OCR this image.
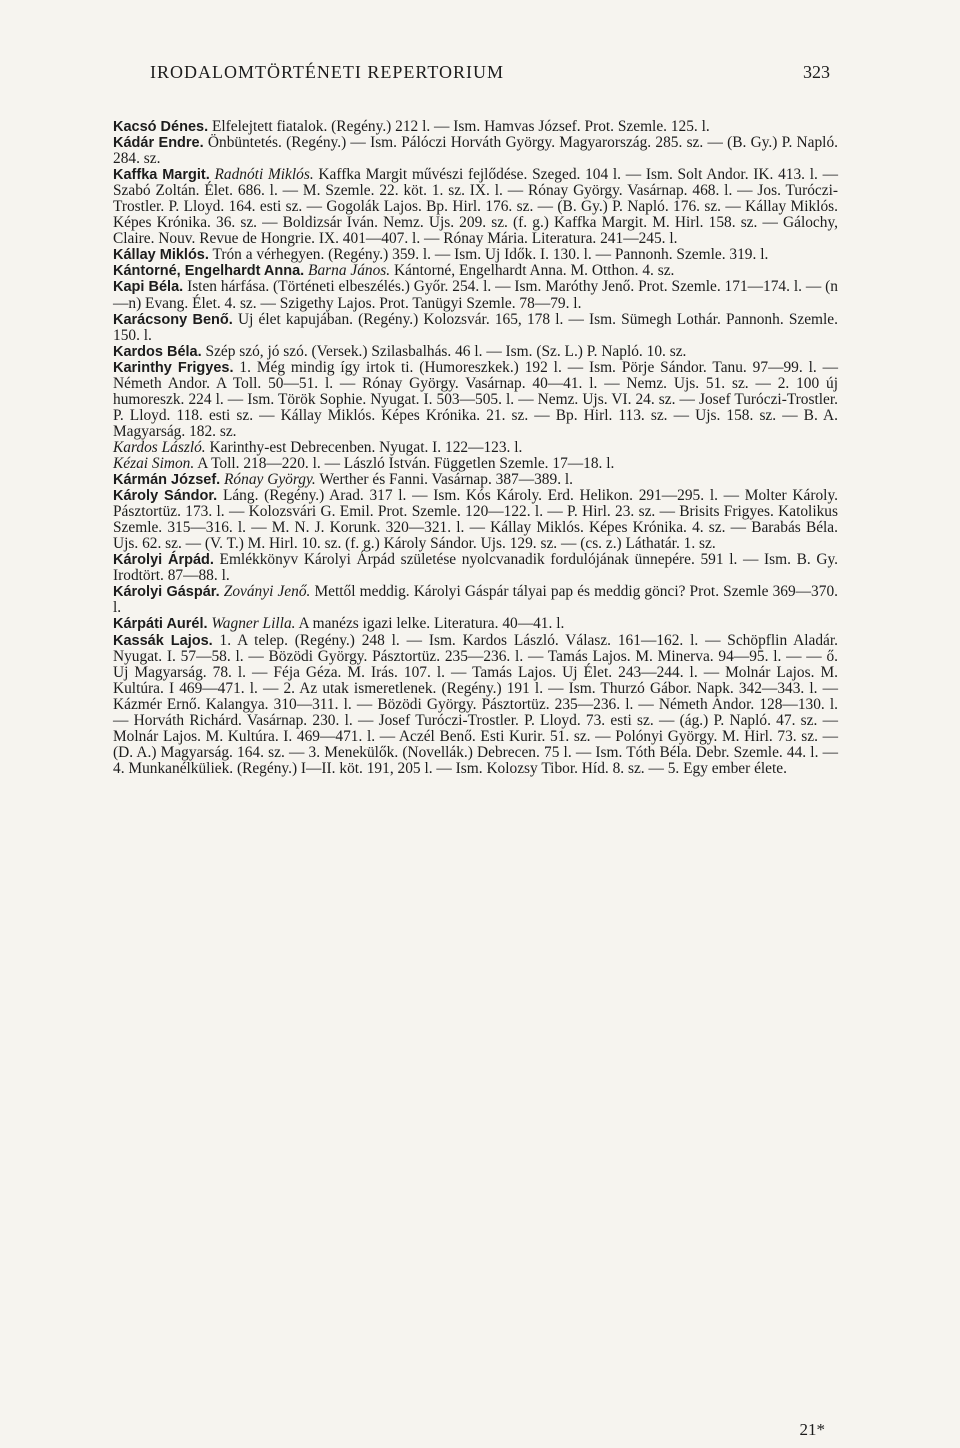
IRODALOMTÖRTÉNETI REPERTORIUM	323

Kacsó Dénes. Elfelejtett fiatalok. (Regény.) 212 l. — Ism. Hamvas József. Prot. Szemle. 125. l.

Kádár Endre. Önbüntetés. (Regény.) — Ism. Pálóczi Horváth György. Magyarország. 285. sz. — (B. Gy.) P. Napló. 284. sz.

Kaffka Margit. Radnóti Miklós. Kaffka Margit művészi fejlődése. Szeged. 104 l. — Ism. Solt Andor. IK. 413. l. — Szabó Zoltán. Élet. 686. l. — M. Szemle. 22. köt. 1. sz. IX. l. — Rónay György. Vasárnap. 468. l. — Jos. Turóczi-Trostler. P. Lloyd. 164. esti sz. — Gogolák Lajos. Bp. Hirl. 176. sz. — (B. Gy.) P. Napló. 176. sz. — Kállay Miklós. Képes Krónika. 36. sz. — Boldizsár Iván. Nemz. Ujs. 209. sz. (f. g.) Kaffka Margit. M. Hirl. 158. sz. — Gálochy, Claire. Nouv. Revue de Hongrie. IX. 401—407. l. — Rónay Mária. Literatura. 241—245. l.

Kállay Miklós. Trón a vérhegyen. (Regény.) 359. l. — Ism. Uj Idők. I. 130. l. — Pannonh. Szemle. 319. l.

Kántorné, Engelhardt Anna. Barna János. Kántorné, Engelhardt Anna. M. Otthon. 4. sz.

Kapi Béla. Isten hárfása. (Történeti elbeszélés.) Győr. 254. l. — Ism. Maróthy Jenő. Prot. Szemle. 171—174. l. — (n—n) Evang. Élet. 4. sz. — Szigethy Lajos. Prot. Tanügyi Szemle. 78—79. l.

Karácsony Benő. Uj élet kapujában. (Regény.) Kolozsvár. 165, 178 l. — Ism. Sümegh Lothár. Pannonh. Szemle. 150. l.

Kardos Béla. Szép szó, jó szó. (Versek.) Szilasbalhás. 46 l. — Ism. (Sz. L.) P. Napló. 10. sz.

Karinthy Frigyes. 1. Még mindig így irtok ti. (Humoreszkek.) 192 l. — Ism. Pörje Sándor. Tanu. 97—99. l. — Németh Andor. A Toll. 50—51. l. — Rónay György. Vasárnap. 40—41. l. — Nemz. Ujs. 51. sz. — 2. 100 új humoreszk. 224 l. — Ism. Török Sophie. Nyugat. I. 503—505. l. — Nemz. Ujs. VI. 24. sz. — Josef Turóczi-Trostler. P. Lloyd. 118. esti sz. — Kállay Miklós. Képes Krónika. 21. sz. — Bp. Hirl. 113. sz. — Ujs. 158. sz. — B. A. Magyarság. 182. sz.

Kardos László. Karinthy-est Debrecenben. Nyugat. I. 122—123. l.

Kézai Simon. A Toll. 218—220. l. — László István. Független Szemle. 17—18. l.

Kármán József. Rónay György. Werther és Fanni. Vasárnap. 387—389. l.

Károly Sándor. Láng. (Regény.) Arad. 317 l. — Ism. Kós Károly. Erd. Helikon. 291—295. l. — Molter Károly. Pásztortüz. 173. l. — Kolozsvári G. Emil. Prot. Szemle. 120—122. l. — P. Hirl. 23. sz. — Brisits Frigyes. Katolikus Szemle. 315—316. l. — M. N. J. Korunk. 320—321. l. — Kállay Miklós. Képes Krónika. 4. sz. — Barabás Béla. Ujs. 62. sz. — (V. T.) M. Hirl. 10. sz. (f. g.) Károly Sándor. Ujs. 129. sz. — (cs. z.) Láthatár. 1. sz.

Károlyi Árpád. Emlékkönyv Károlyi Árpád születése nyolcvanadik fordulójának ünnepére. 591 l. — Ism. B. Gy. Irodtört. 87—88. l.

Károlyi Gáspár. Zoványi Jenő. Mettől meddig. Károlyi Gáspár tályai pap és meddig gönci? Prot. Szemle 369—370. l.

Kárpáti Aurél. Wagner Lilla. A manézs igazi lelke. Literatura. 40—41. l.

Kassák Lajos. 1. A telep. (Regény.) 248 l. — Ism. Kardos László. Válasz. 161—162. l. — Schöpflin Aladár. Nyugat. I. 57—58. l. — Bözödi György. Pásztortüz. 235—236. l. — Tamás Lajos. M. Minerva. 94—95. l. — — ő. Uj Magyarság. 78. l. — Féja Géza. M. Irás. 107. l. — Tamás Lajos. Uj Élet. 243—244. l. — Molnár Lajos. M. Kultúra. I 469—471. l. — 2. Az utak ismeretlenek. (Regény.) 191 l. — Ism. Thurzó Gábor. Napk. 342—343. l. — Kázmér Ernő. Kalangya. 310—311. l. — Bözödi György. Pásztortüz. 235—236. l. — Németh Andor. 128—130. l. — Horváth Richárd. Vasárnap. 230. l. — Josef Turóczi-Trostler. P. Lloyd. 73. esti sz. — (ág.) P. Napló. 47. sz. — Molnár Lajos. M. Kultúra. I. 469—471. l. — Aczél Benő. Esti Kurir. 51. sz. — Polónyi György. M. Hirl. 73. sz. — (D. A.) Magyarság. 164. sz. — 3. Menekülők. (Novellák.) Debrecen. 75 l. — Ism. Tóth Béla. Debr. Szemle. 44. l. — 4. Munkanélküliek. (Regény.) I—II. köt. 191, 205 l. — Ism. Kolozsy Tibor. Híd. 8. sz. — 5. Egy ember élete.

21*
